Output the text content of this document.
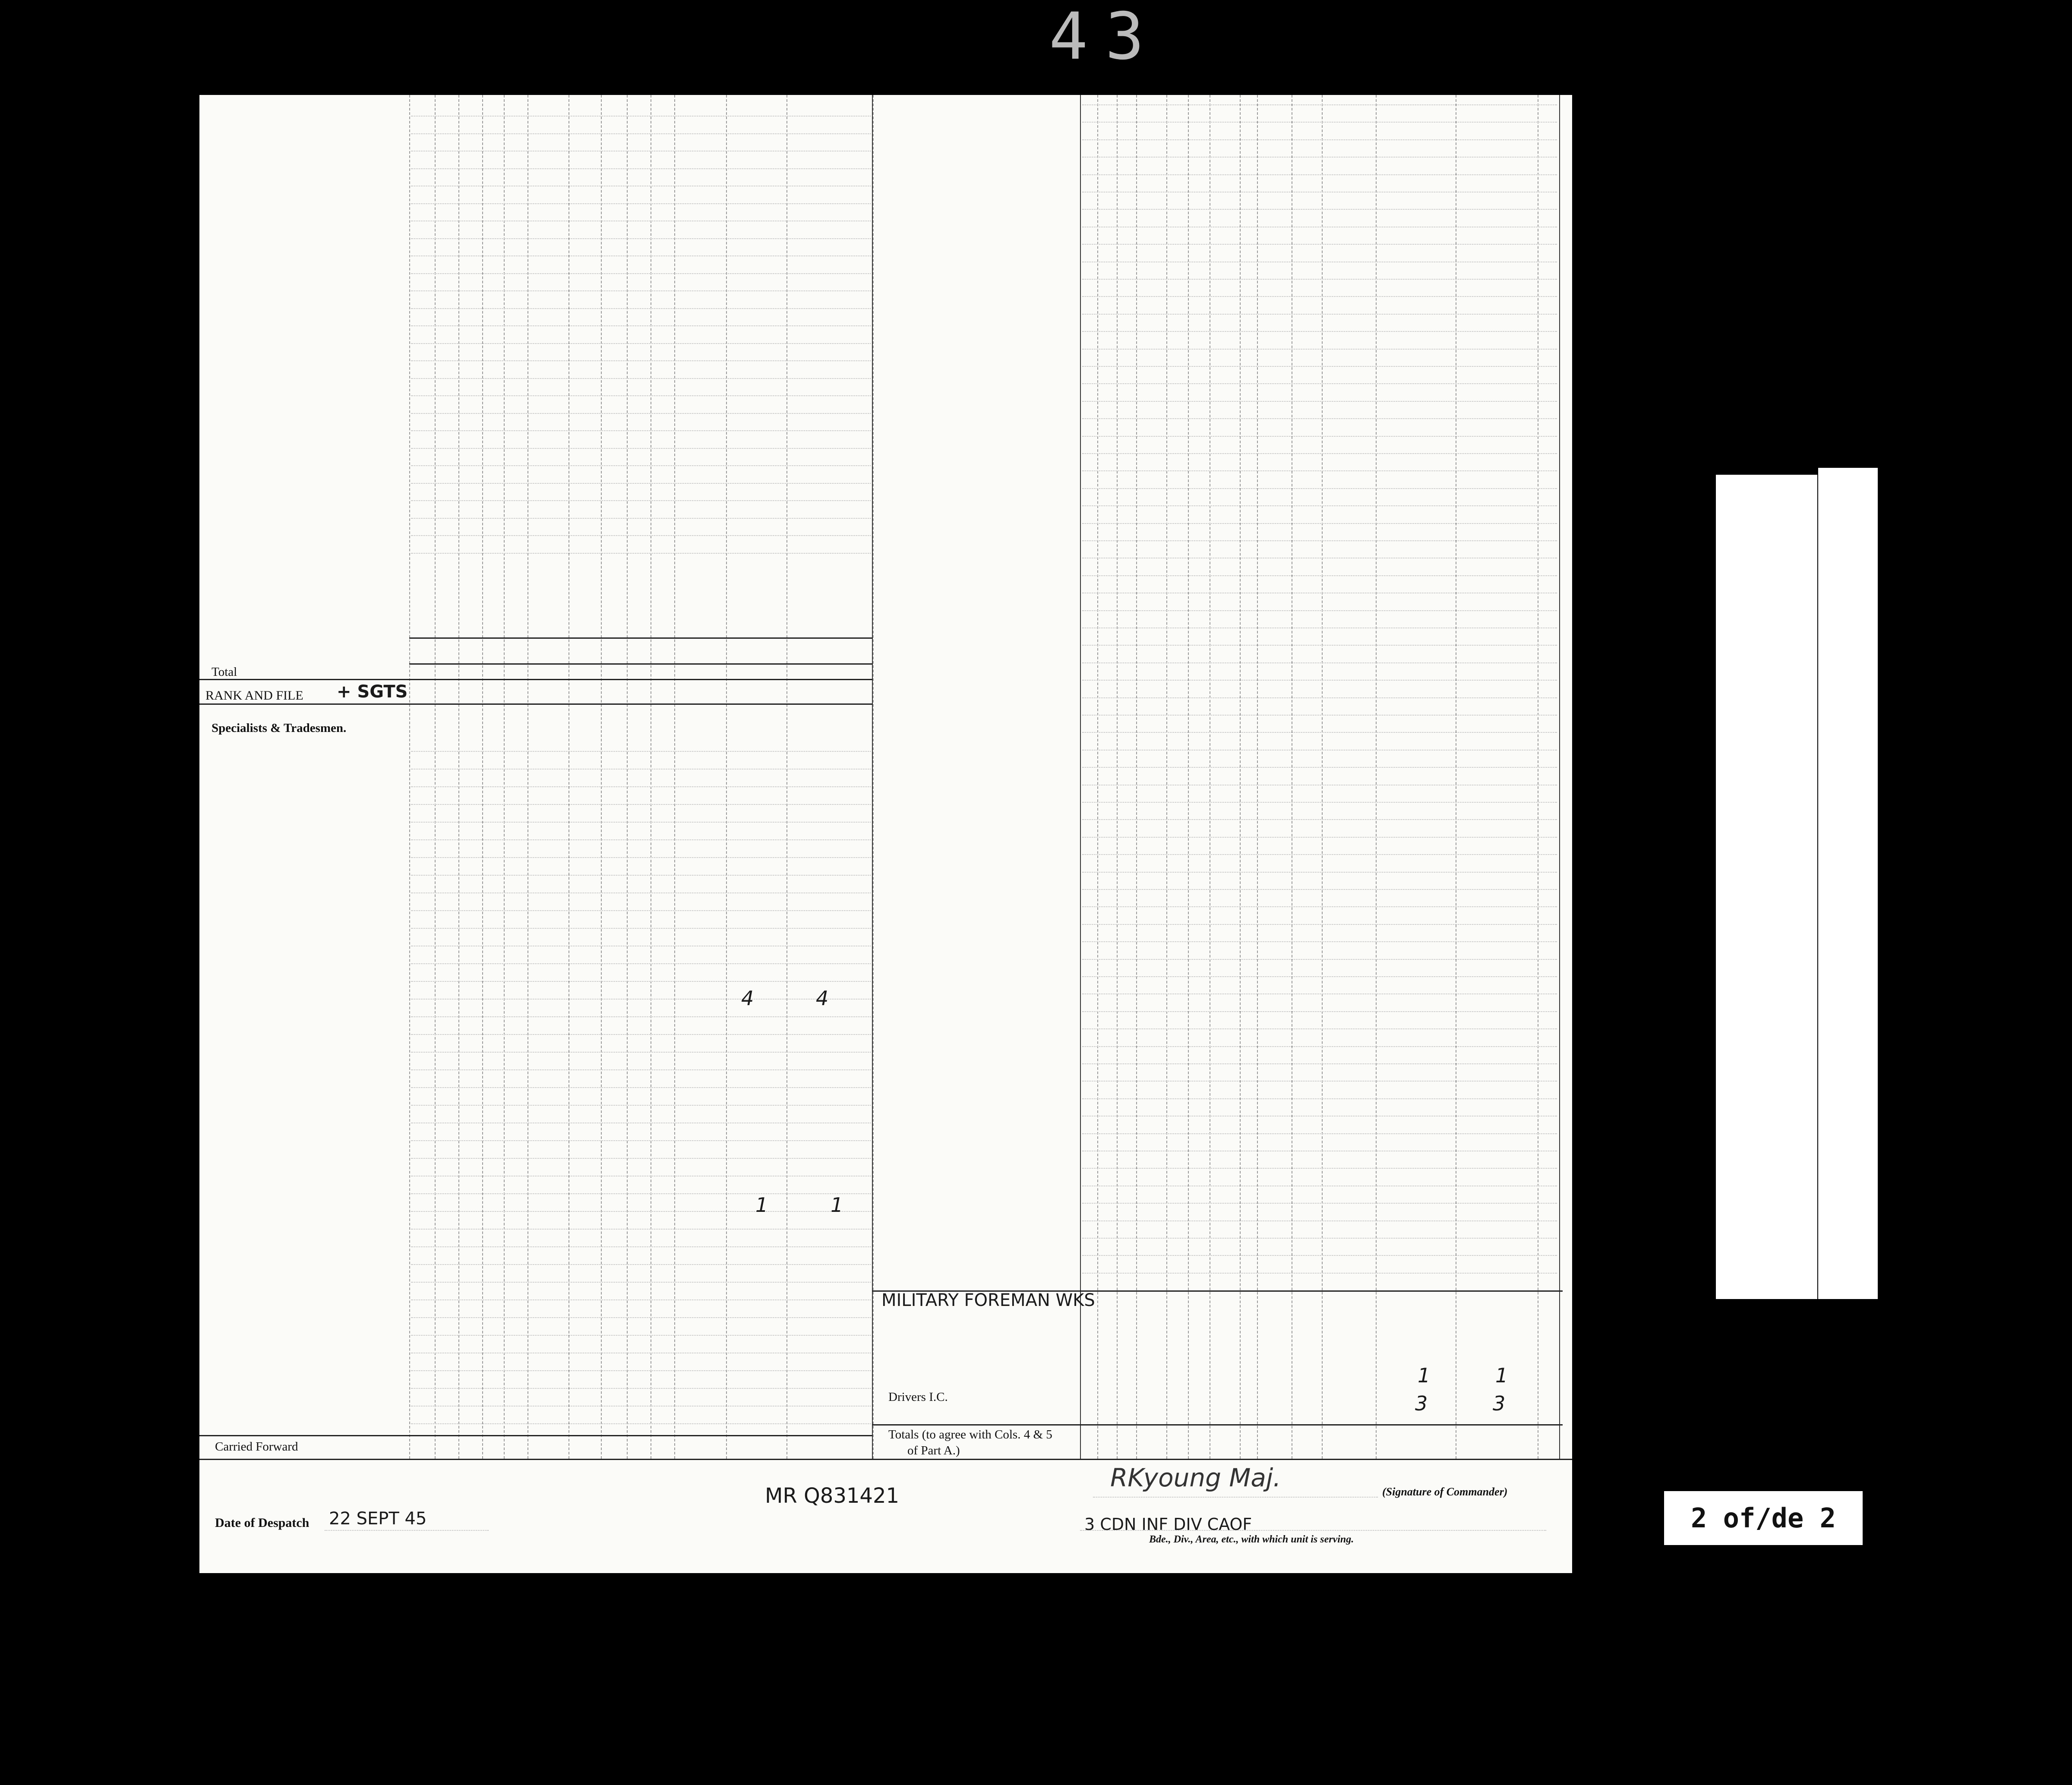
43
Total
RANK AND FILE + SGTS
Specialists & Tradesmen.
4	4
1	1
Carried Forward
MILITARY FOREMAN WKS
Drivers I.C.
1	1
3	3
Totals (to agree with Cols. 4 & 5
of Part A.)
MR Q831421
RKyoung Maj.	(Signature of Commander)
Date of Despatch 22 SEPT 45	3 CDN INF DIV CAOF
Bde., Div., Area, etc., with which unit is serving.
2 of/de 2
